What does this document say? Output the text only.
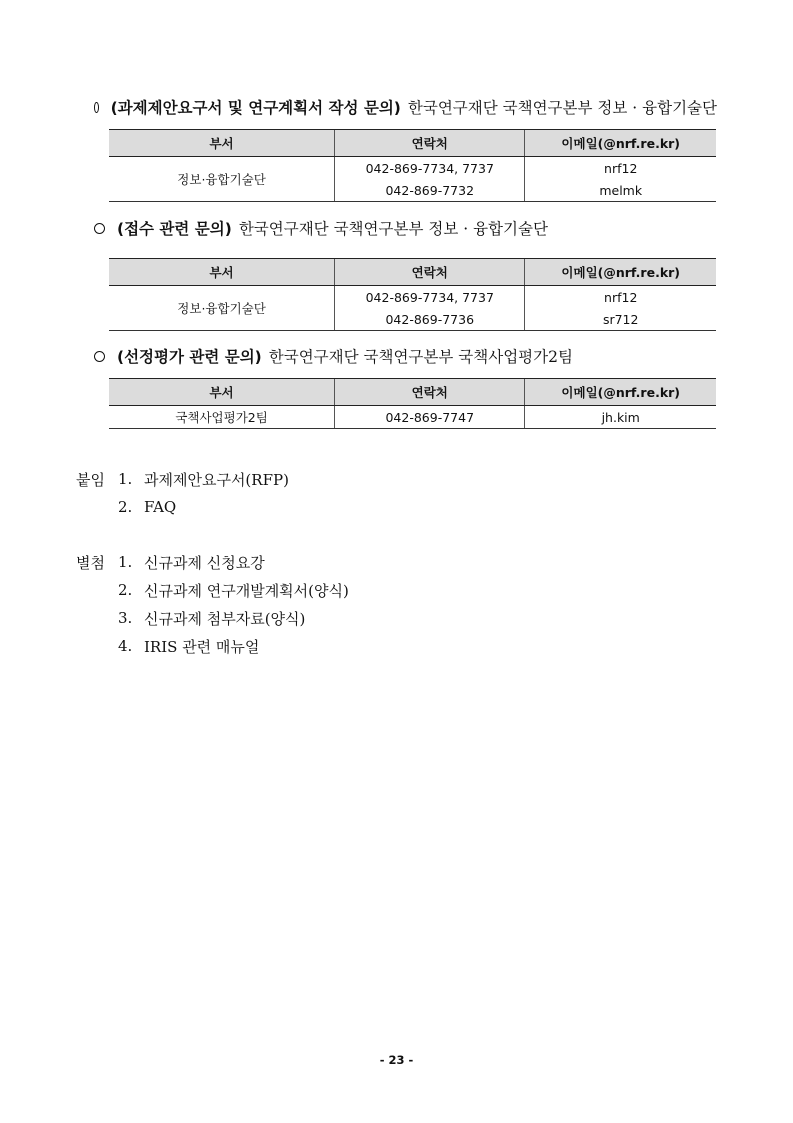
(과제제안요구서 및 연구계획서 작성 문의) 한국연구재단 국책연구본부 정보 · 융합기술단
부서	연락처	이메일(@nrf.re.kr)
정보·융합기술단	042-869-7734, 7737	nrf12
	042-869-7732	melmk
(접수 관련 문의) 한국연구재단 국책연구본부 정보 · 융합기술단
부서	연락처	이메일(@nrf.re.kr)
정보·융합기술단	042-869-7734, 7737	nrf12
	042-869-7736	sr712
(선정평가 관련 문의) 한국연구재단 국책연구본부 국책사업평가2팀
부서	연락처	이메일(@nrf.re.kr)
국책사업평가2팀	042-869-7747	jh.kim
붙임 1. 과제제안요구서(RFP)
2. FAQ
별첨 1. 신규과제 신청요강
2. 신규과제 연구개발계획서(양식)
3. 신규과제 첨부자료(양식)
4. IRIS 관련 매뉴얼
- 23 -
